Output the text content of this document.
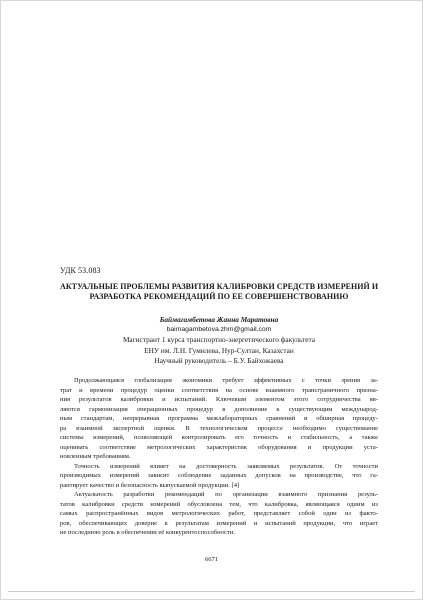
УДК 53.083
АКТУАЛЬНЫЕ ПРОБЛЕМЫ РАЗВИТИЯ КАЛИБРОВКИ СРЕДСТВ ИЗМЕРЕНИЙ И
РАЗРАБОТКА РЕКОМЕНДАЦИЙ ПО ЕЕ СОВЕРШЕНСТВОВАНИЮ
Баймагамбетова Жанна Маратовна
baimagambetova.zhm@gmail.com
Магистрант 1 курса транспортно-энергетического факультета
ЕНУ им. Л.Н. Гумилева, Нур-Султан, Казахстан
Научный руководитель – Б.У. Байхожаева
Продолжающаяся глобализация экономики требует эффективных с точки зрения за-
трат и времени процедур оценки соответствия на основе взаимного трансграничного призна-
ния результатов калибровки и испытаний. Ключевым элементом этого сотрудничества яв-
ляются гармонизация операционных процедур в дополнение к существующим международ-
ным стандартам, непрерывная программа межлабораторных сравнений и обширная процеду-
ра взаимной экспертной оценки. В технологическом процессе необходимо существование
системы измерений, позволяющей контролировать его точность и стабильность, а также
оценивать соответствие метрологических характеристик оборудования и продукции уста-
новленным требованиям.
Точность измерений влияет на достоверность заявляемых результатов. От точности
производимых измерений зависит соблюдение заданных допусков на производстве, что га-
рантирует качество и безопасность выпускаемой продукции. [4]
Актуальность разработки рекомендаций по организации взаимного признания резуль-
татов калибровки средств измерений обусловлена тем, что калибровка, являющаяся одним из
самых распространённых видов метрологических работ, представляет собой один из факто-
ров, обеспечивающих доверие к результатам измерений и испытаний продукции, что играет
не последнюю роль в обеспечении её конкурентоспособности.
6671
